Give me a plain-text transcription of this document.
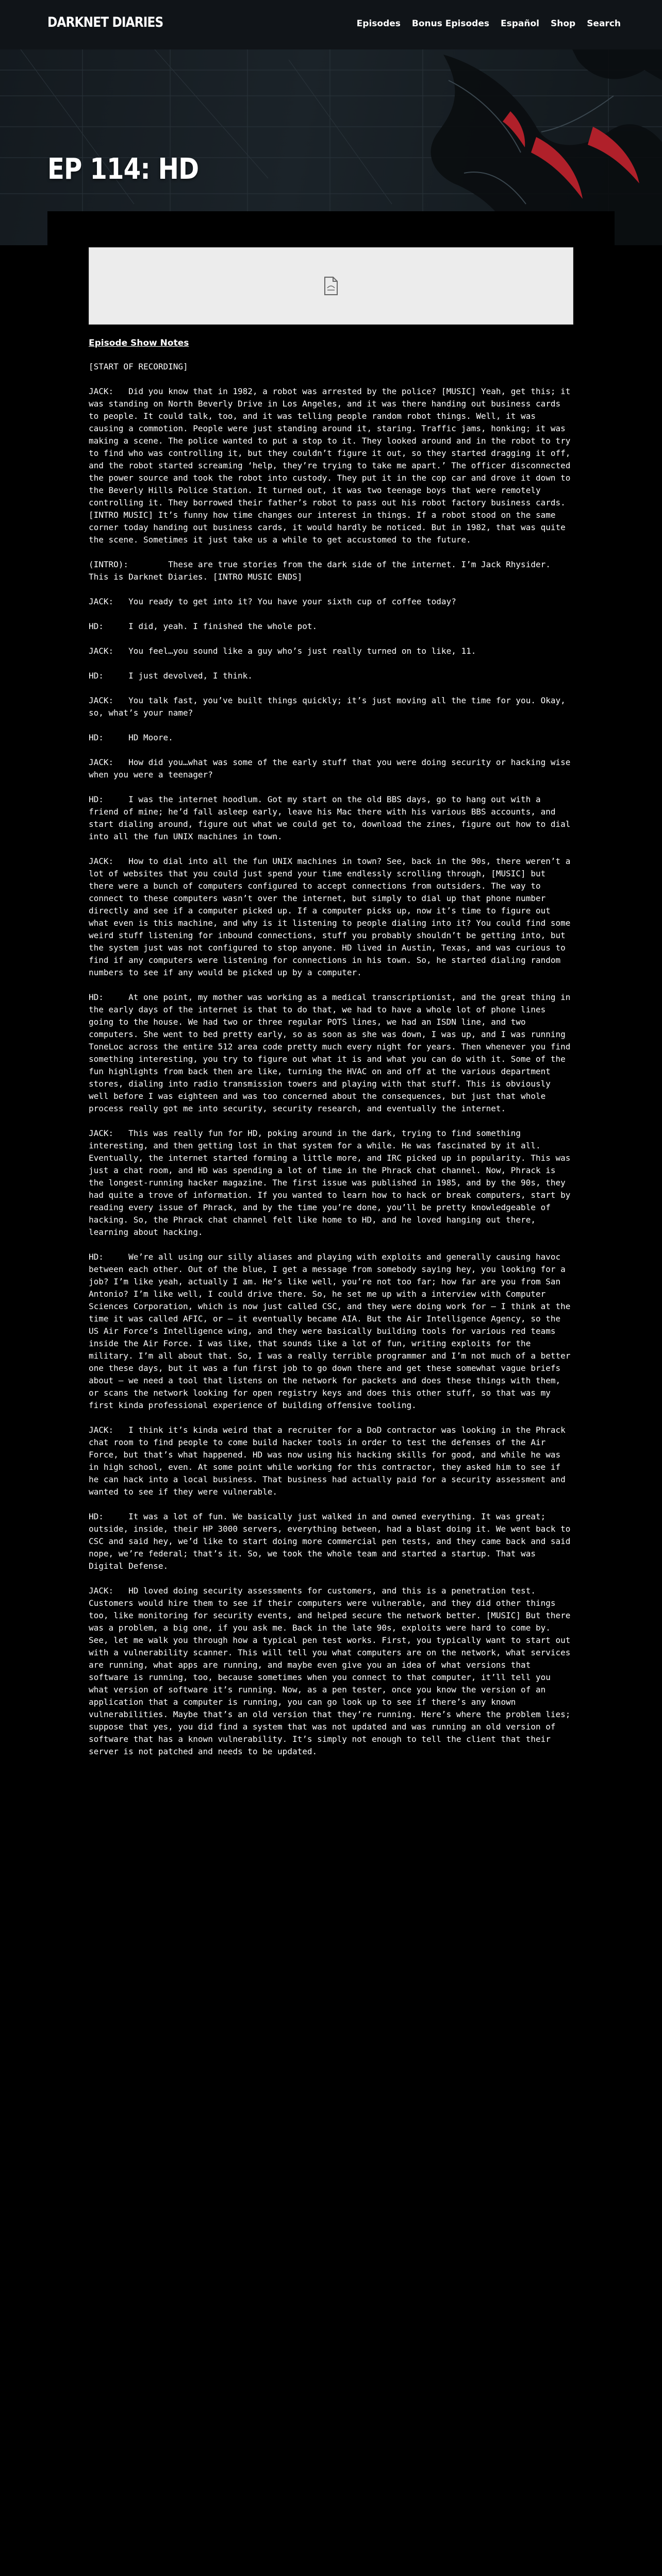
DARKNET DIARIES	Episodes Bonus Episodes Español Shop Search
EP 114: HD
Episode Show Notes

[START OF RECORDING]

JACK:	Did you know that in 1982, a robot was arrested by the police? [MUSIC] Yeah, get this; it was standing on North Beverly Drive in Los Angeles, and it was there handing out business cards to people. It could talk, too, and it was telling people random robot things. Well, it was causing a commotion. People were just standing around it, staring. Traffic jams, honking; it was making a scene. The police wanted to put a stop to it. They looked around and in the robot to try to find who was controlling it, but they couldn’t figure it out, so they started dragging it off, and the robot started screaming ‘help, they’re trying to take me apart.’ The officer disconnected the power source and took the robot into custody. They put it in the cop car and drove it down to the Beverly Hills Police Station. It turned out, it was two teenage boys that were remotely controlling it. They borrowed their father’s robot to pass out his robot factory business cards. [INTRO MUSIC] It’s funny how time changes our interest in things. If a robot stood on the same corner today handing out business cards, it would hardly be noticed. But in 1982, that was quite the scene. Sometimes it just take us a while to get accustomed to the future.

(INTRO):	These are true stories from the dark side of the internet. I’m Jack Rhysider. This is Darknet Diaries. [INTRO MUSIC ENDS]

JACK:	You ready to get into it? You have your sixth cup of coffee today?

HD:	I did, yeah. I finished the whole pot.

JACK:	You feel…you sound like a guy who’s just really turned on to like, 11.

HD:	I just devolved, I think.

JACK:	You talk fast, you’ve built things quickly; it’s just moving all the time for you. Okay, so, what’s your name?

HD:	HD Moore.

JACK:	How did you…what was some of the early stuff that you were doing security or hacking wise when you were a teenager?

HD:	I was the internet hoodlum. Got my start on the old BBS days, go to hang out with a friend of mine; he’d fall asleep early, leave his Mac there with his various BBS accounts, and start dialing around, figure out what we could get to, download the zines, figure out how to dial into all the fun UNIX machines in town.

JACK:	How to dial into all the fun UNIX machines in town? See, back in the 90s, there weren’t a lot of websites that you could just spend your time endlessly scrolling through, [MUSIC] but there were a bunch of computers configured to accept connections from outsiders. The way to connect to these computers wasn’t over the internet, but simply to dial up that phone number directly and see if a computer picked up. If a computer picks up, now it’s time to figure out what even is this machine, and why is it listening to people dialing into it? You could find some weird stuff listening for inbound connections, stuff you probably shouldn’t be getting into, but the system just was not configured to stop anyone. HD lived in Austin, Texas, and was curious to find if any computers were listening for connections in his town. So, he started dialing random numbers to see if any would be picked up by a computer.

HD:	At one point, my mother was working as a medical transcriptionist, and the great thing in the early days of the internet is that to do that, we had to have a whole lot of phone lines going to the house. We had two or three regular POTS lines, we had an ISDN line, and two computers. She went to bed pretty early, so as soon as she was down, I was up, and I was running ToneLoc across the entire 512 area code pretty much every night for years. Then whenever you find something interesting, you try to figure out what it is and what you can do with it. Some of the fun highlights from back then are like, turning the HVAC on and off at the various department stores, dialing into radio transmission towers and playing with that stuff. This is obviously well before I was eighteen and was too concerned about the consequences, but just that whole process really got me into security, security research, and eventually the internet.

JACK:	This was really fun for HD, poking around in the dark, trying to find something interesting, and then getting lost in that system for a while. He was fascinated by it all. Eventually, the internet started forming a little more, and IRC picked up in popularity. This was just a chat room, and HD was spending a lot of time in the Phrack chat channel. Now, Phrack is the longest-running hacker magazine. The first issue was published in 1985, and by the 90s, they had quite a trove of information. If you wanted to learn how to hack or break computers, start by reading every issue of Phrack, and by the time you’re done, you’ll be pretty knowledgeable of hacking. So, the Phrack chat channel felt like home to HD, and he loved hanging out there, learning about hacking.

HD:	We’re all using our silly aliases and playing with exploits and generally causing havoc between each other. Out of the blue, I get a message from somebody saying hey, you looking for a job? I’m like yeah, actually I am. He’s like well, you’re not too far; how far are you from San Antonio? I’m like well, I could drive there. So, he set me up with a interview with Computer Sciences Corporation, which is now just called CSC, and they were doing work for – I think at the time it was called AFIC, or – it eventually became AIA. But the Air Intelligence Agency, so the US Air Force’s Intelligence wing, and they were basically building tools for various red teams inside the Air Force. I was like, that sounds like a lot of fun, writing exploits for the military. I’m all about that. So, I was a really terrible programmer and I’m not much of a better one these days, but it was a fun first job to go down there and get these somewhat vague briefs about – we need a tool that listens on the network for packets and does these things with them, or scans the network looking for open registry keys and does this other stuff, so that was my first kinda professional experience of building offensive tooling.

JACK:	I think it’s kinda weird that a recruiter for a DoD contractor was looking in the Phrack chat room to find people to come build hacker tools in order to test the defenses of the Air Force, but that’s what happened. HD was now using his hacking skills for good, and while he was in high school, even. At some point while working for this contractor, they asked him to see if he can hack into a local business. That business had actually paid for a security assessment and wanted to see if they were vulnerable.

HD:	It was a lot of fun. We basically just walked in and owned everything. It was great; outside, inside, their HP 3000 servers, everything between, had a blast doing it. We went back to CSC and said hey, we’d like to start doing more commercial pen tests, and they came back and said nope, we’re federal; that’s it. So, we took the whole team and started a startup. That was Digital Defense.

JACK:	HD loved doing security assessments for customers, and this is a penetration test. Customers would hire them to see if their computers were vulnerable, and they did other things too, like monitoring for security events, and helped secure the network better. [MUSIC] But there was a problem, a big one, if you ask me. Back in the late 90s, exploits were hard to come by. See, let me walk you through how a typical pen test works. First, you typically want to start out with a vulnerability scanner. This will tell you what computers are on the network, what services are running, what apps are running, and maybe even give you an idea of what versions that software is running, too, because sometimes when you connect to that computer, it’ll tell you what version of software it’s running. Now, as a pen tester, once you know the version of an application that a computer is running, you can go look up to see if there’s any known vulnerabilities. Maybe that’s an old version that they’re running. Here’s where the problem lies; suppose that yes, you did find a system that was not updated and was running an old version of software that has a known vulnerability. It’s simply not enough to tell the client that their server is not patched and needs to be updated.
